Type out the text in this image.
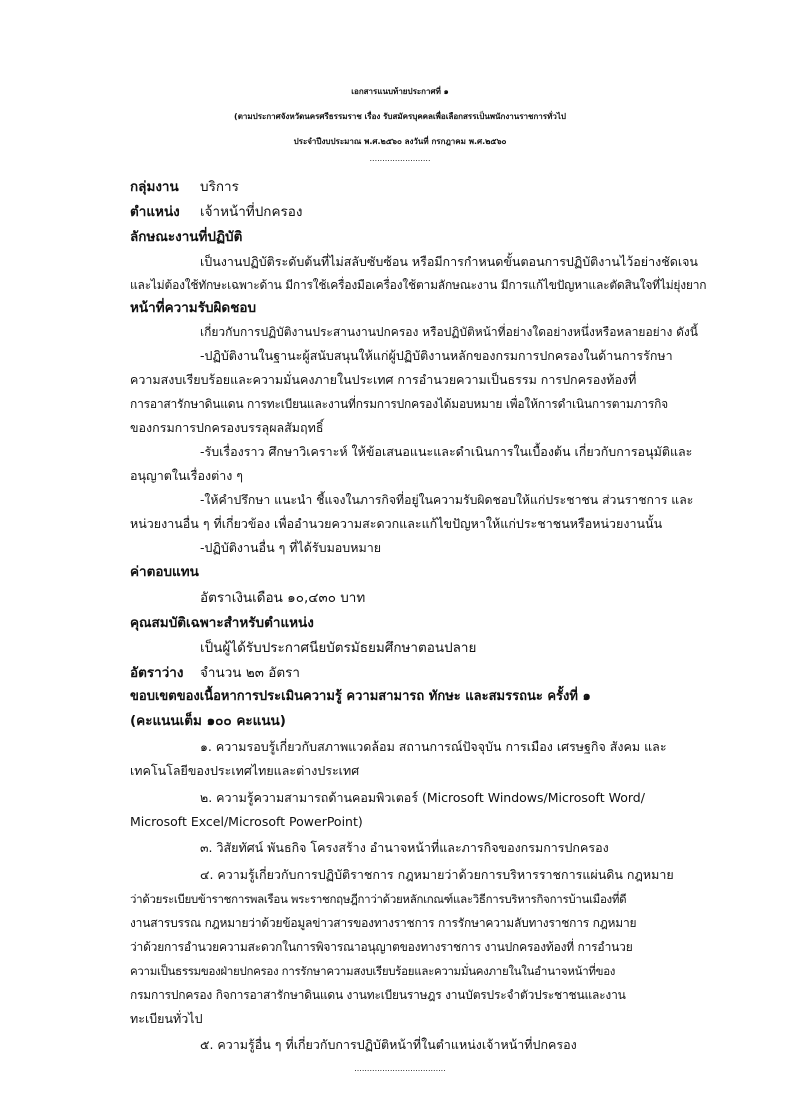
เอกสารแนบท้ายประกาศที่ ๑
(ตามประกาศจังหวัดนครศรีธรรมราช เรื่อง รับสมัครบุคคลเพื่อเลือกสรรเป็นพนักงานราชการทั่วไป
ประจำปีงบประมาณ พ.ศ.๒๕๖๐ ลงวันที่ กรกฎาคม พ.ศ.๒๕๖๐
........................
กลุ่มงาน บริการ
ตำแหน่ง เจ้าหน้าที่ปกครอง
ลักษณะงานที่ปฏิบัติ
เป็นงานปฏิบัติระดับต้นที่ไม่สลับซับซ้อน หรือมีการกำหนดขั้นตอนการปฏิบัติงานไว้อย่างชัดเจน
และไม่ต้องใช้ทักษะเฉพาะด้าน มีการใช้เครื่องมือเครื่องใช้ตามลักษณะงาน มีการแก้ไขปัญหาและตัดสินใจที่ไม่ยุ่งยาก
หน้าที่ความรับผิดชอบ
เกี่ยวกับการปฏิบัติงานประสานงานปกครอง หรือปฏิบัติหน้าที่อย่างใดอย่างหนึ่งหรือหลายอย่าง ดังนี้
-ปฏิบัติงานในฐานะผู้สนับสนุนให้แก่ผู้ปฏิบัติงานหลักของกรมการปกครองในด้านการรักษา
ความสงบเรียบร้อยและความมั่นคงภายในประเทศ การอำนวยความเป็นธรรม การปกครองท้องที่
การอาสารักษาดินแดน การทะเบียนและงานที่กรมการปกครองได้มอบหมาย เพื่อให้การดำเนินการตามภารกิจ
ของกรมการปกครองบรรลุผลสัมฤทธิ์
-รับเรื่องราว ศึกษาวิเคราะห์ ให้ข้อเสนอแนะและดำเนินการในเบื้องต้น เกี่ยวกับการอนุมัติและ
อนุญาตในเรื่องต่าง ๆ
-ให้คำปรึกษา แนะนำ ชี้แจงในภารกิจที่อยู่ในความรับผิดชอบให้แก่ประชาชน ส่วนราชการ และ
หน่วยงานอื่น ๆ ที่เกี่ยวข้อง เพื่ออำนวยความสะดวกและแก้ไขปัญหาให้แก่ประชาชนหรือหน่วยงานนั้น
-ปฏิบัติงานอื่น ๆ ที่ได้รับมอบหมาย
ค่าตอบแทน
อัตราเงินเดือน ๑๐,๔๓๐ บาท
คุณสมบัติเฉพาะสำหรับตำแหน่ง
เป็นผู้ได้รับประกาศนียบัตรมัธยมศึกษาตอนปลาย
อัตราว่าง จำนวน ๒๓ อัตรา
ขอบเขตของเนื้อหาการประเมินความรู้ ความสามารถ ทักษะ และสมรรถนะ ครั้งที่ ๑
(คะแนนเต็ม ๑๐๐ คะแนน)
๑. ความรอบรู้เกี่ยวกับสภาพแวดล้อม สถานการณ์ปัจจุบัน การเมือง เศรษฐกิจ สังคม และ
เทคโนโลยีของประเทศไทยและต่างประเทศ
๒. ความรู้ความสามารถด้านคอมพิวเตอร์ (Microsoft Windows/Microsoft Word/
Microsoft Excel/Microsoft PowerPoint)
๓. วิสัยทัศน์ พันธกิจ โครงสร้าง อำนาจหน้าที่และภารกิจของกรมการปกครอง
๔. ความรู้เกี่ยวกับการปฏิบัติราชการ กฎหมายว่าด้วยการบริหารราชการแผ่นดิน กฎหมาย
ว่าด้วยระเบียบข้าราชการพลเรือน พระราชกฤษฎีกาว่าด้วยหลักเกณฑ์และวิธีการบริหารกิจการบ้านเมืองที่ดี
งานสารบรรณ กฎหมายว่าด้วยข้อมูลข่าวสารของทางราชการ การรักษาความลับทางราชการ กฎหมาย
ว่าด้วยการอำนวยความสะดวกในการพิจารณาอนุญาตของทางราชการ งานปกครองท้องที่ การอำนวย
ความเป็นธรรมของฝ่ายปกครอง การรักษาความสงบเรียบร้อยและความมั่นคงภายในในอำนาจหน้าที่ของ
กรมการปกครอง กิจการอาสารักษาดินแดน งานทะเบียนราษฎร งานบัตรประจำตัวประชาชนและงาน
ทะเบียนทั่วไป
๕. ความรู้อื่น ๆ ที่เกี่ยวกับการปฏิบัติหน้าที่ในตำแหน่งเจ้าหน้าที่ปกครอง
....................................
